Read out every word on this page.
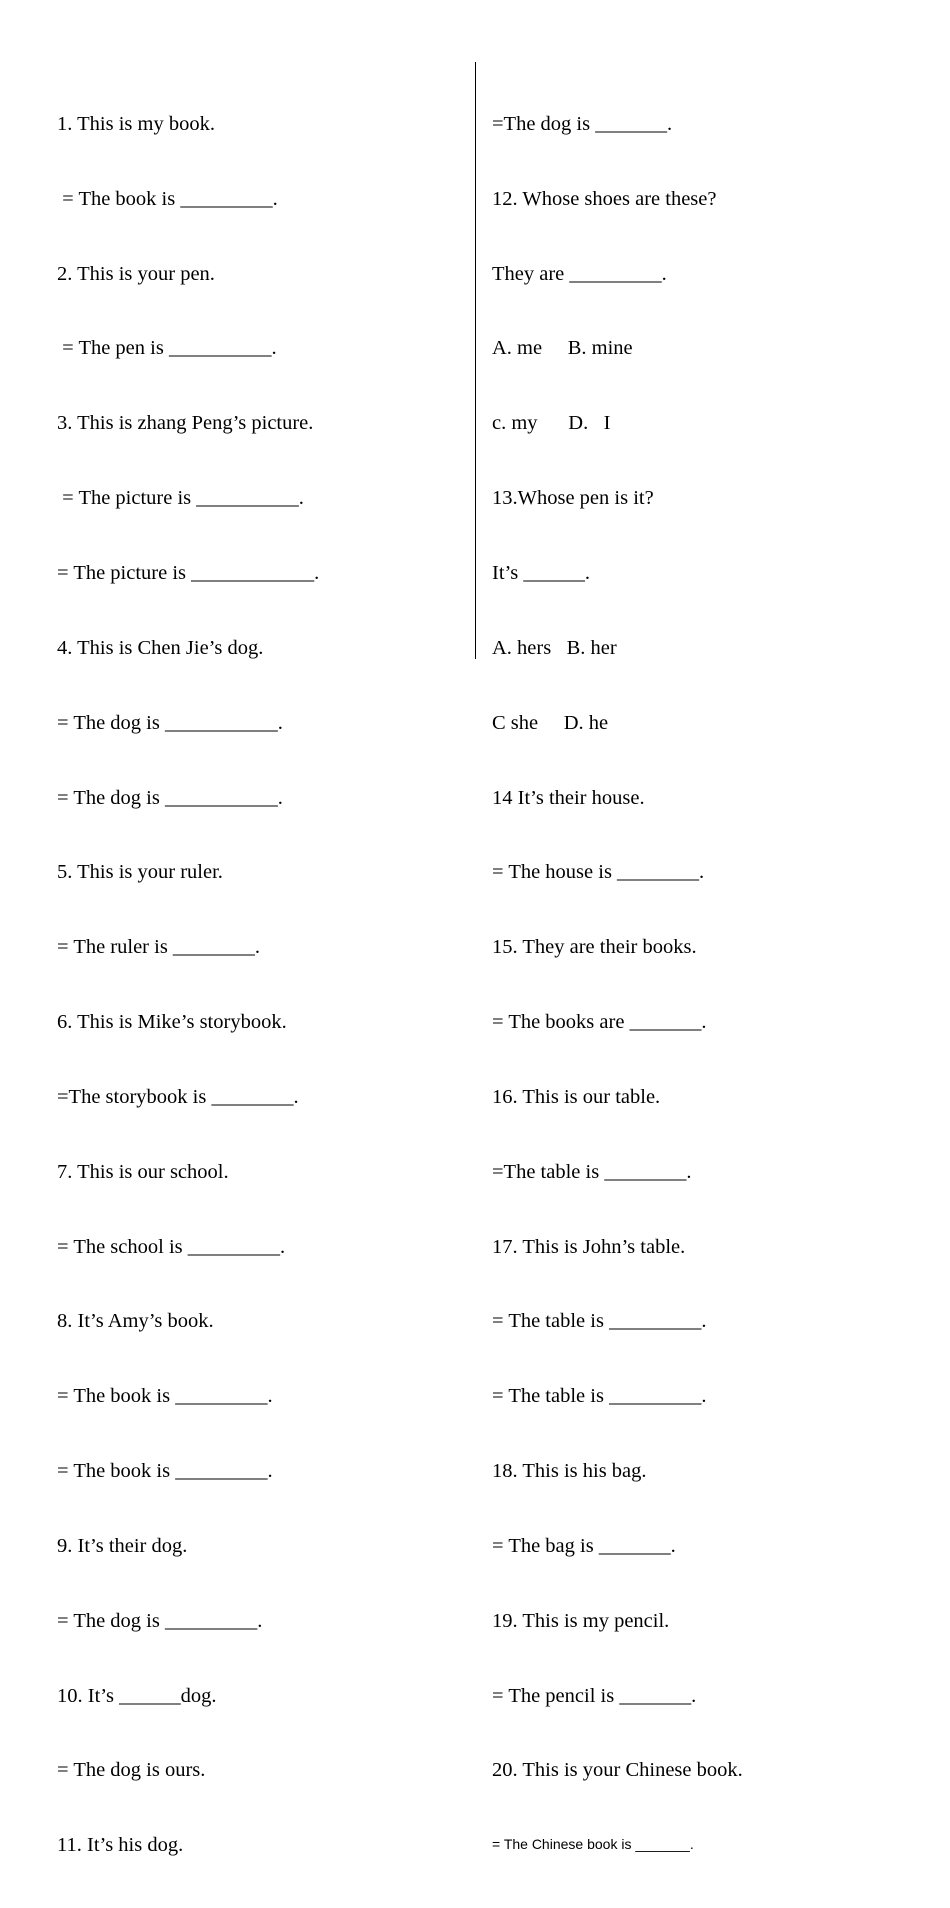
1. This is my book.

= The book is _________.

2. This is your pen.

= The pen is __________.

3. This is zhang Peng’s picture.

= The picture is __________.

= The picture is ____________.

4. This is Chen Jie’s dog.

= The dog is ___________.

= The dog is ___________.

5. This is your ruler.

= The ruler is ________.

6. This is Mike’s storybook.

=The storybook is ________.

7. This is our school.

= The school is _________.

8. It’s Amy’s book.

= The book is _________.

= The book is _________.

9. It’s their dog.

= The dog is _________.

10. It’s ______dog.

= The dog is ours.

11. It’s his dog.

=The dog is _______.

12. Whose shoes are these?

They are _________.

A. me     B. mine

c. my      D.   I

13.Whose pen is it?

It’s ______.

A. hers   B. her

C she     D. he

14 It’s their house.

= The house is ________.

15. They are their books.

= The books are _______.

16. This is our table.

=The table is ________.

17. This is John’s table.

= The table is _________.

= The table is _________.

18. This is his bag.

= The bag is _______.

19. This is my pencil.

= The pencil is _______.

20. This is your Chinese book.

= The Chinese book is _______.
